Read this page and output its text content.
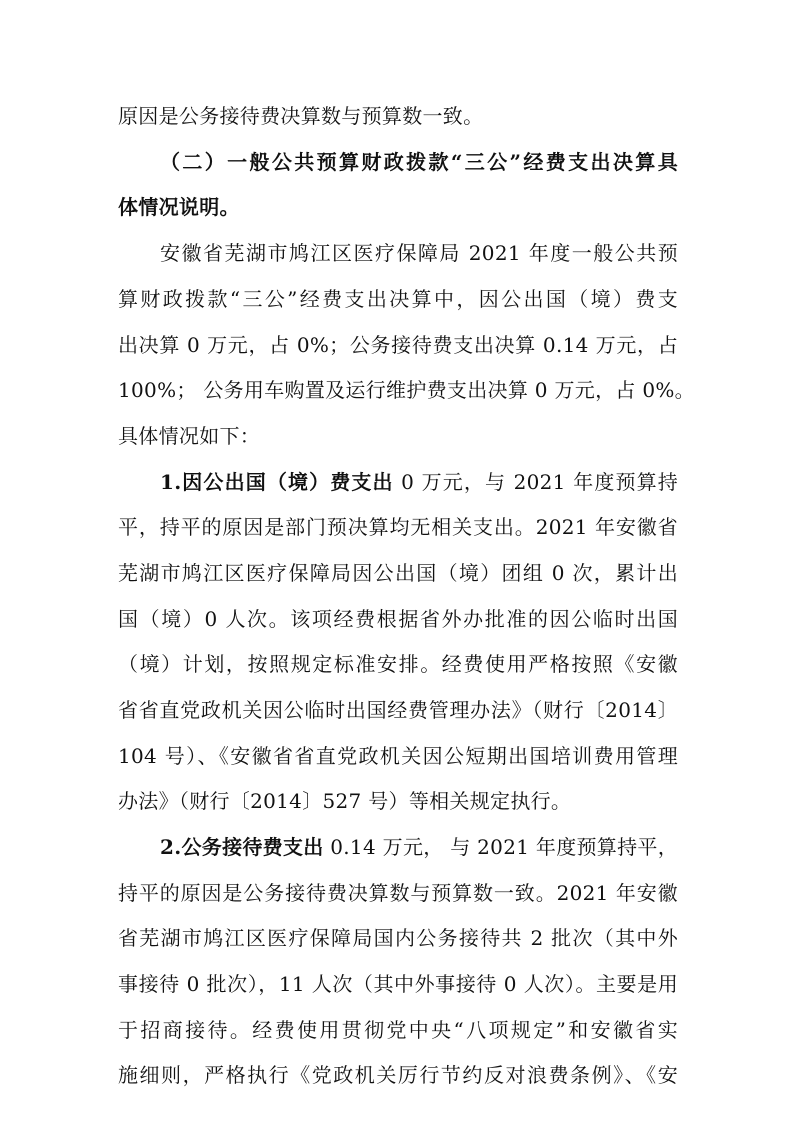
原因是公务接待费决算数与预算数一致。
（二）一般公共预算财政拨款“三公”经费支出决算具
体情况说明。
安徽省芜湖市鸠江区医疗保障局 2021 年度一般公共预
算财政拨款“三公”经费支出决算中，因公出国（境）费支
出决算 0 万元，占 0%；公务接待费支出决算 0.14 万元，占
100%； 公务用车购置及运行维护费支出决算 0 万元，占 0%。
具体情况如下：
1.因公出国（境）费支出 0 万元，与 2021 年度预算持
平，持平的原因是部门预决算均无相关支出。2021 年安徽省
芜湖市鸠江区医疗保障局因公出国（境）团组 0 次，累计出
国（境）0 人次。该项经费根据省外办批准的因公临时出国
（境）计划，按照规定标准安排。经费使用严格按照《安徽
省省直党政机关因公临时出国经费管理办法》（财行〔2014〕
104 号）、《安徽省省直党政机关因公短期出国培训费用管理
办法》（财行〔2014〕527 号）等相关规定执行。
2.公务接待费支出 0.14 万元， 与 2021 年度预算持平，
持平的原因是公务接待费决算数与预算数一致。2021 年安徽
省芜湖市鸠江区医疗保障局国内公务接待共 2 批次（其中外
事接待 0 批次），11 人次（其中外事接待 0 人次）。主要是用
于招商接待。经费使用贯彻党中央“八项规定”和安徽省实
施细则，严格执行《党政机关厉行节约反对浪费条例》、《安
